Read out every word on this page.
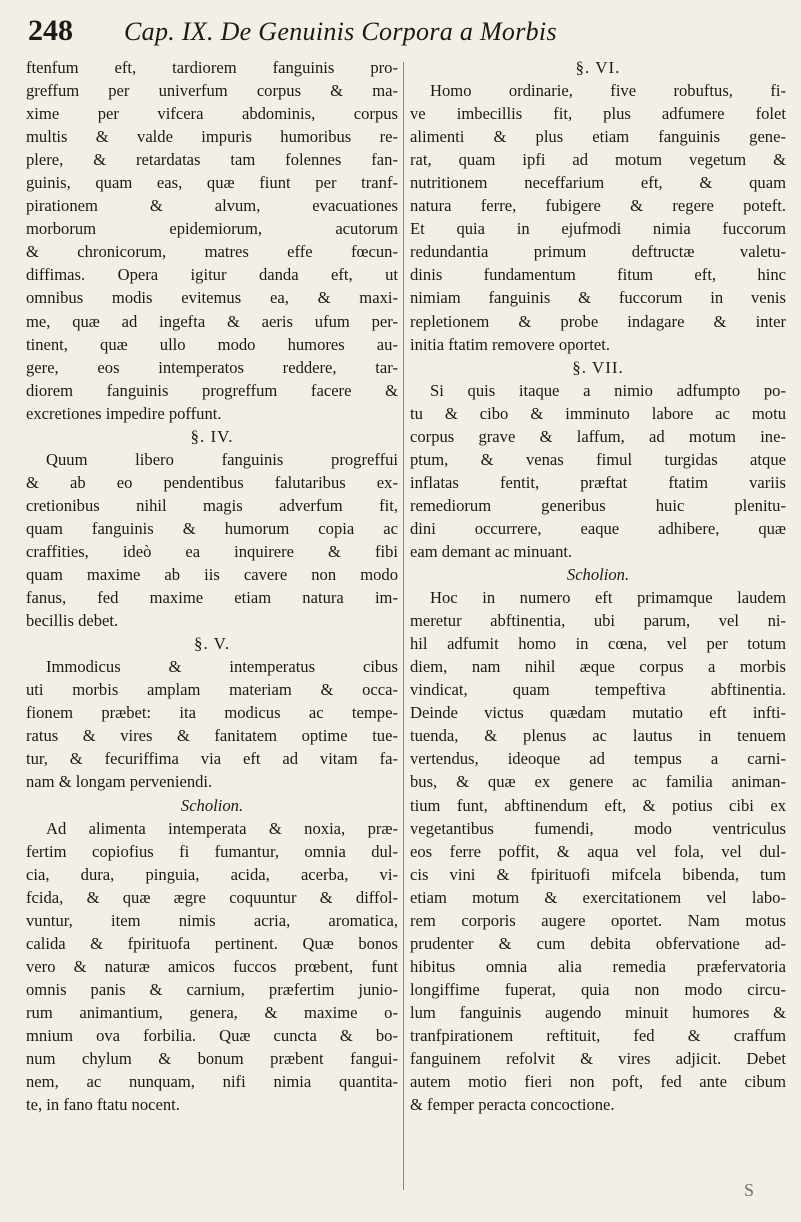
248	Cap. IX. De Genuinis Corpora a Morbis
ftenfum eft, tardiorem fanguinis pro-
greffum per univerfum corpus & ma-
xime per vifcera abdominis, corpus
multis & valde impuris humoribus re-
plere, & retardatas tam folennes fan-
guinis, quam eas, quæ fiunt per tranf-
pirationem & alvum, evacuationes
morborum epidemiorum, acutorum
& chronicorum, matres effe fœcun-
diffimas. Opera igitur danda eft, ut
omnibus modis evitemus ea, & maxi-
me, quæ ad ingefta & aeris ufum per-
tinent, quæ ullo modo humores au-
gere, eos intemperatos reddere, tar-
diorem fanguinis progreffum facere &
excretiones impedire poffunt.
§. IV.
Quum libero fanguinis progreffui
& ab eo pendentibus falutaribus ex-
cretionibus nihil magis adverfum fit,
quam fanguinis & humorum copia ac
craffities, ideò ea inquirere & fibi
quam maxime ab iis cavere non modo
fanus, fed maxime etiam natura im-
becillis debet.
§. V.
Immodicus & intemperatus cibus
uti morbis amplam materiam & occa-
fionem præbet: ita modicus ac tempe-
ratus & vires & fanitatem optime tue-
tur, & fecuriffima via eft ad vitam fa-
nam & longam perveniendi.
Scholion.
Ad alimenta intemperata & noxia, præ-
fertim copiofius fi fumantur, omnia dul-
cia, dura, pinguia, acida, acerba, vi-
fcida, & quæ ægre coquuntur & diffol-
vuntur, item nimis acria, aromatica,
calida & fpirituofa pertinent. Quæ bonos
vero & naturæ amicos fuccos prœbent, funt
omnis panis & carnium, præfertim junio-
rum animantium, genera, & maxime o-
mnium ova forbilia. Quæ cuncta & bo-
num chylum & bonum præbent fangui-
nem, ac nunquam, nifi nimia quantita-
te, in fano ftatu nocent.
§. VI.
Homo ordinarie, five robuftus, fi-
ve imbecillis fit, plus adfumere folet
alimenti & plus etiam fanguinis gene-
rat, quam ipfi ad motum vegetum &
nutritionem neceffarium eft, & quam
natura ferre, fubigere & regere poteft.
Et quia in ejufmodi nimia fuccorum
redundantia primum deftructæ valetu-
dinis fundamentum fitum eft, hinc
nimiam fanguinis & fuccorum in venis
repletionem & probe indagare & inter
initia ftatim removere oportet.
§. VII.
Si quis itaque a nimio adfumpto po-
tu & cibo & imminuto labore ac motu
corpus grave & laffum, ad motum ine-
ptum, & venas fimul turgidas atque
inflatas fentit, præftat ftatim variis
remediorum generibus huic plenitu-
dini occurrere, eaque adhibere, quæ
eam demant ac minuant.
Scholion.
Hoc in numero eft primamque laudem
meretur abftinentia, ubi parum, vel ni-
hil adfumit homo in cœna, vel per totum
diem, nam nihil æque corpus a morbis
vindicat, quam tempeftiva abftinentia.
Deinde victus quædam mutatio eft infti-
tuenda, & plenus ac lautus in tenuem
vertendus, ideoque ad tempus a carni-
bus, & quæ ex genere ac familia animan-
tium funt, abftinendum eft, & potius cibi ex
vegetantibus fumendi, modo ventriculus
eos ferre poffit, & aqua vel fola, vel dul-
cis vini & fpirituofi mifcela bibenda, tum
etiam motum & exercitationem vel labo-
rem corporis augere oportet. Nam motus
prudenter & cum debita obfervatione ad-
hibitus omnia alia remedia præfervatoria
longiffime fuperat, quia non modo circu-
lum fanguinis augendo minuit humores &
tranfpirationem reftituit, fed & craffum
fanguinem refolvit & vires adjicit. Debet
autem motio fieri non poft, fed ante cibum
& femper peracta concoctione.
S
